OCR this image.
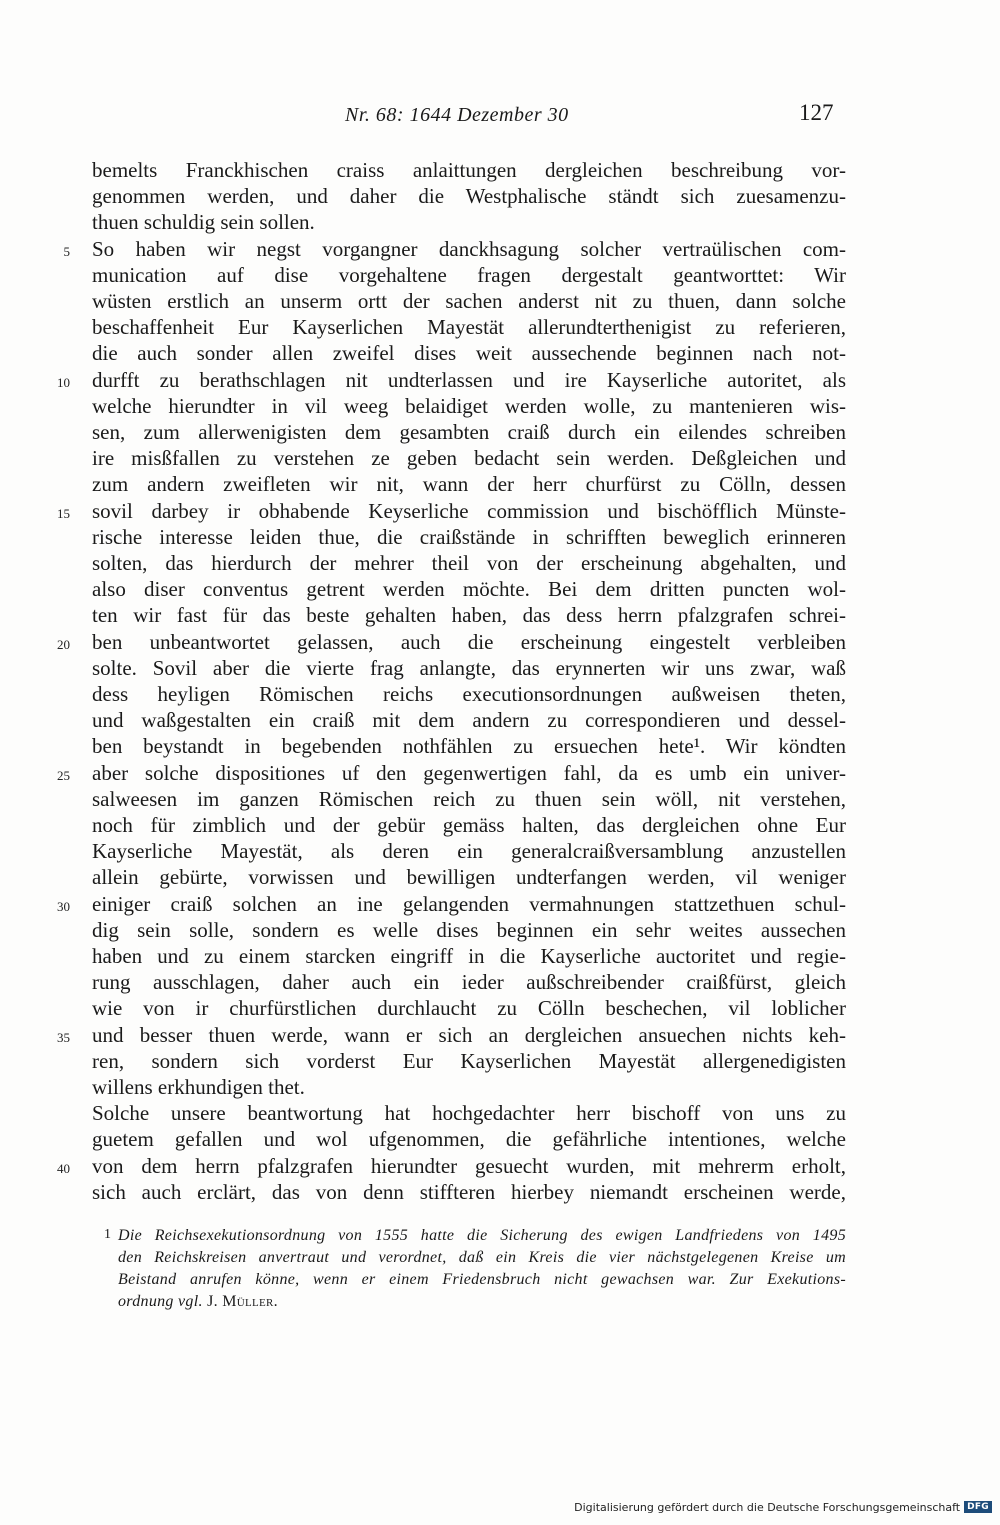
Nr. 68: 1644 Dezember 30	127
bemelts Franckhischen craiss anlaittungen dergleichen beschreibung vor-
genommen werden, und daher die Westphalische ständt sich zuesamenzu-
thuen schuldig sein sollen.
5 So haben wir negst vorgangner danckhsagung solcher vertraülischen com-
munication auf dise vorgehaltene fragen dergestalt geantworttet: Wir
wüsten erstlich an unserm ortt der sachen anderst nit zu thuen, dann solche
beschaffenheit Eur Kayserlichen Mayestät allerundterthenigist zu referieren,
die auch sonder allen zweifel dises weit aussechende beginnen nach not-
10 durfft zu berathschlagen nit undterlassen und ire Kayserliche autoritet, als
welche hierundter in vil weeg belaidiget werden wolle, zu mantenieren wis-
sen, zum allerwenigisten dem gesambten craiß durch ein eilendes schreiben
ire misßfallen zu verstehen ze geben bedacht sein werden. Deßgleichen und
zum andern zweifleten wir nit, wann der herr churfürst zu Cölln, dessen
15 sovil darbey ir obhabende Keyserliche commission und bischöfflich Münste-
rische interesse leiden thue, die craißstände in schrifften beweglich erinneren
solten, das hierdurch der mehrer theil von der erscheinung abgehalten, und
also diser conventus getrent werden möchte. Bei dem dritten puncten wol-
ten wir fast für das beste gehalten haben, das dess herrn pfalzgrafen schrei-
20 ben unbeantwortet gelassen, auch die erscheinung eingestelt verbleiben
solte. Sovil aber die vierte frag anlangte, das erynnerten wir uns zwar, waß
dess heyligen Römischen reichs executionsordnungen außweisen theten,
und waßgestalten ein craiß mit dem andern zu correspondieren und dessel-
ben beystandt in begebenden nothfählen zu ersuechen hete¹. Wir köndten
25 aber solche dispositiones uf den gegenwertigen fahl, da es umb ein univer-
salweesen im ganzen Römischen reich zu thuen sein wöll, nit verstehen,
noch für zimblich und der gebür gemäss halten, das dergleichen ohne Eur
Kayserliche Mayestät, als deren ein generalcraißversamblung anzustellen
allein gebürte, vorwissen und bewilligen undterfangen werden, vil weniger
30 einiger craiß solchen an ine gelangenden vermahnungen stattzethuen schul-
dig sein solle, sondern es welle dises beginnen ein sehr weites aussechen
haben und zu einem starcken eingriff in die Kayserliche auctoritet und regie-
rung ausschlagen, daher auch ein ieder außschreibender craißfürst, gleich
wie von ir churfürstlichen durchlaucht zu Cölln beschechen, vil loblicher
35 und besser thuen werde, wann er sich an dergleichen ansuechen nichts keh-
ren, sondern sich vorderst Eur Kayserlichen Mayestät allergenedigisten
willens erkhundigen thet.
Solche unsere beantwortung hat hochgedachter herr bischoff von uns zu
guetem gefallen und wol ufgenommen, die gefährliche intentiones, welche
40 von dem herrn pfalzgrafen hierundter gesuecht wurden, mit mehrerm erholt,
sich auch erclärt, das von denn stiffteren hierbey niemandt erscheinen werde,
1 Die Reichsexekutionsordnung von 1555 hatte die Sicherung des ewigen Landfriedens von 1495
den Reichskreisen anvertraut und verordnet, daß ein Kreis die vier nächstgelegenen Kreise um
Beistand anrufen könne, wenn er einem Friedensbruch nicht gewachsen war. Zur Exekutions-
ordnung vgl. J. Müller.
Digitalisierung gefördert durch die Deutsche Forschungsgemeinschaft DFG
